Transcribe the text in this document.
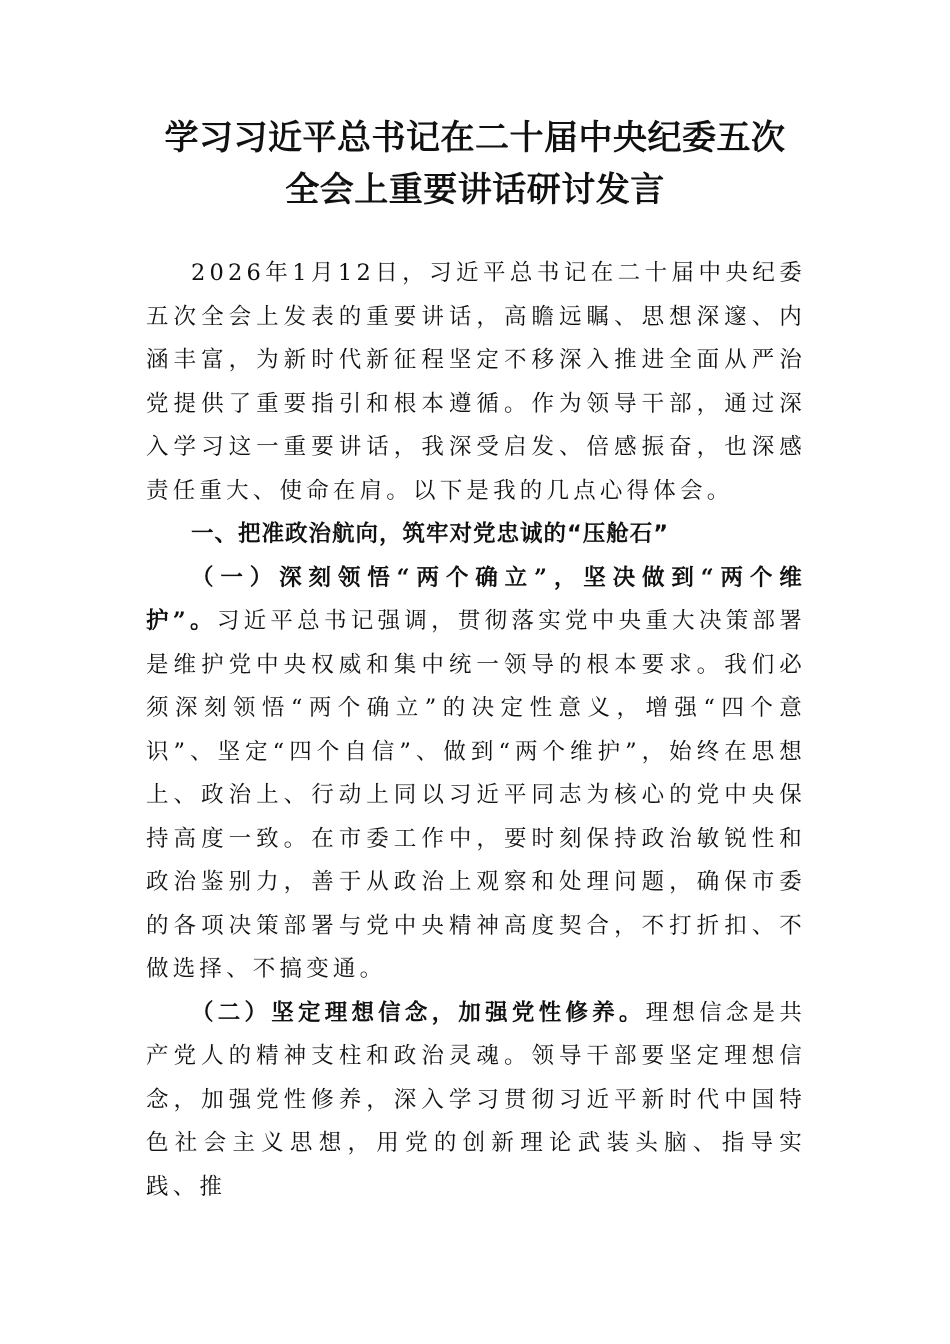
学习习近平总书记在二十届中央纪委五次
全会上重要讲话研讨发言

2026年1月12日，习近平总书记在二十届中央纪委五次全会上发表的重要讲话，高瞻远瞩、思想深邃、内涵丰富，为新时代新征程坚定不移深入推进全面从严治党提供了重要指引和根本遵循。作为领导干部，通过深入学习这一重要讲话，我深受启发、倍感振奋，也深感责任重大、使命在肩。以下是我的几点心得体会。

一、把准政治航向，筑牢对党忠诚的“压舱石”

（一）深刻领悟“两个确立”，坚决做到“两个维护”。习近平总书记强调，贯彻落实党中央重大决策部署是维护党中央权威和集中统一领导的根本要求。我们必须深刻领悟“两个确立”的决定性意义，增强“四个意识”、坚定“四个自信”、做到“两个维护”，始终在思想上、政治上、行动上同以习近平同志为核心的党中央保持高度一致。在市委工作中，要时刻保持政治敏锐性和政治鉴别力，善于从政治上观察和处理问题，确保市委的各项决策部署与党中央精神高度契合，不打折扣、不做选择、不搞变通。

（二）坚定理想信念，加强党性修养。理想信念是共产党人的精神支柱和政治灵魂。领导干部要坚定理想信念，加强党性修养，深入学习贯彻习近平新时代中国特色社会主义思想，用党的创新理论武装头脑、指导实践、推
